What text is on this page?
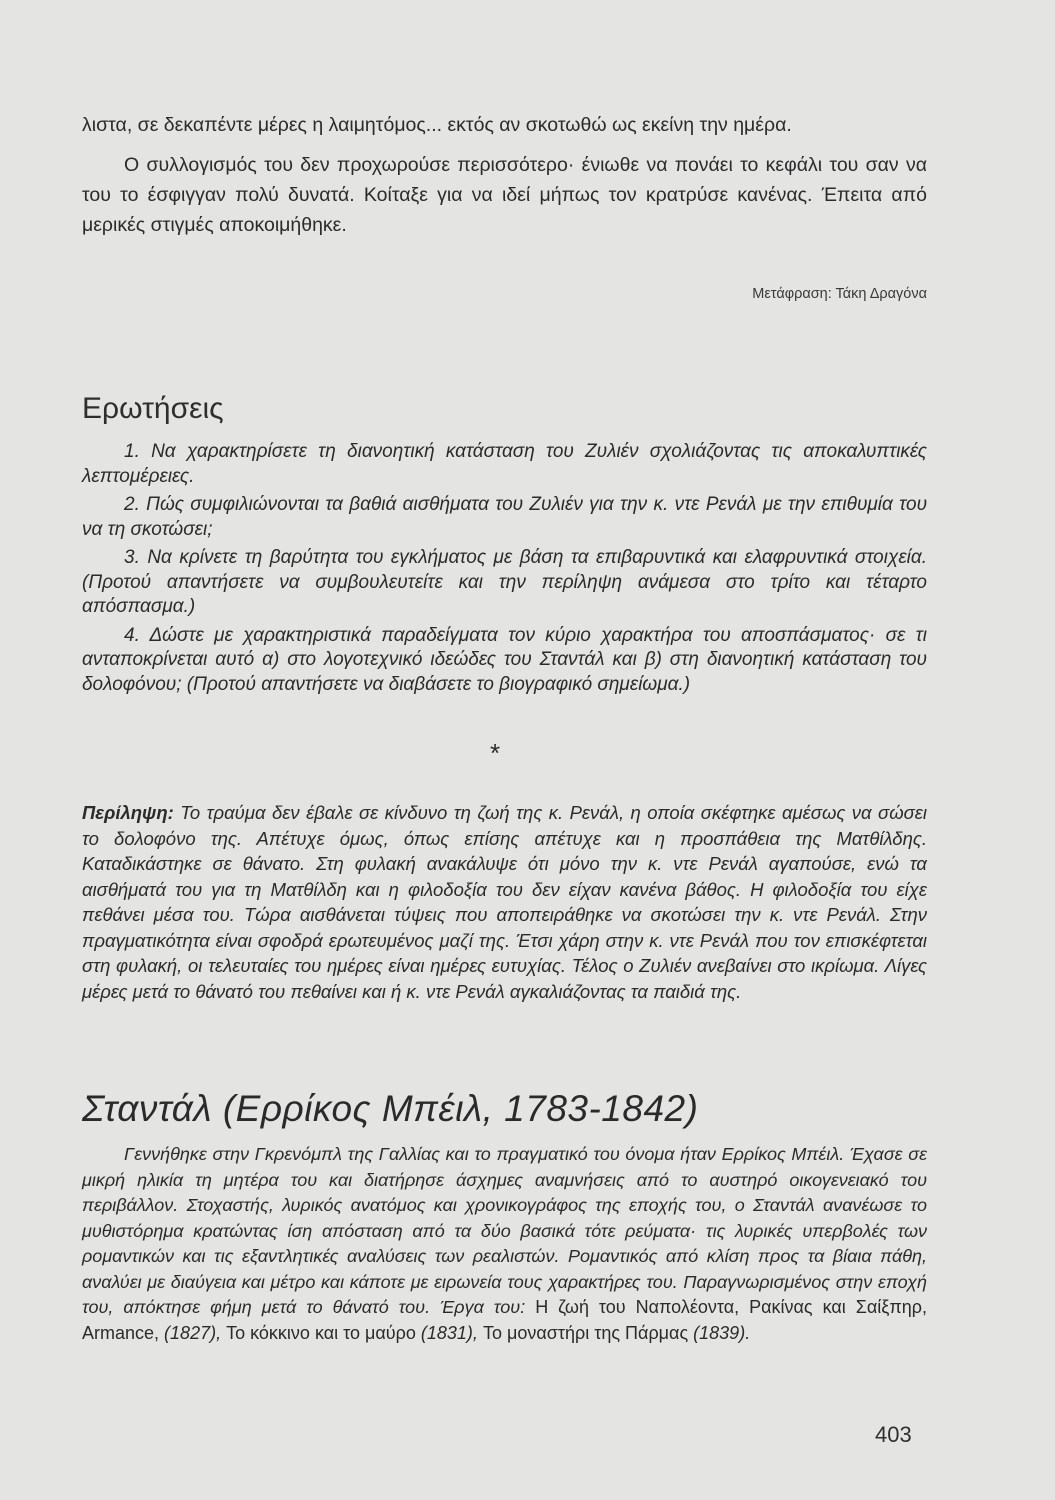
λιστα, σε δεκαπέντε μέρες η λαιμητόμος... εκτός αν σκοτωθώ ως εκείνη την ημέρα.

Ο συλλογισμός του δεν προχωρούσε περισσότερο· ένιωθε να πονάει το κεφάλι του σαν να του το έσφιγγαν πολύ δυνατά. Κοίταξε για να ιδεί μήπως τον κρατρύσε κανένας. Έπειτα από μερικές στιγμές αποκοιμήθηκε.

Μετάφραση: Τάκη Δραγόνα
Ερωτήσεις

1. Να χαρακτηρίσετε τη διανοητική κατάσταση του Ζυλιέν σχολιάζοντας τις αποκαλυπτικές λεπτομέρειες.

2. Πώς συμφιλιώνονται τα βαθιά αισθήματα του Ζυλιέν για την κ. ντε Ρενάλ με την επιθυμία του να τη σκοτώσει;

3. Να κρίνετε τη βαρύτητα του εγκλήματος με βάση τα επιβαρυντικά και ελαφρυντικά στοιχεία. (Προτού απαντήσετε να συμβουλευτείτε και την περίληψη ανάμεσα στο τρίτο και τέταρτο απόσπασμα.)

4. Δώστε με χαρακτηριστικά παραδείγματα τον κύριο χαρακτήρα του αποσπάσματος· σε τι ανταποκρίνεται αυτό α) στο λογοτεχνικό ιδεώδες του Σταντάλ και β) στη διανοητική κατάσταση του δολοφόνου; (Προτού απαντήσετε να διαβάσετε το βιογραφικό σημείωμα.)

*

Περίληψη: Το τραύμα δεν έβαλε σε κίνδυνο τη ζωή της κ. Ρενάλ, η οποία σκέφτηκε αμέσως να σώσει το δολοφόνο της. Απέτυχε όμως, όπως επίσης απέτυχε και η προσπάθεια της Ματθίλδης. Καταδικάστηκε σε θάνατο. Στη φυλακή ανακάλυψε ότι μόνο την κ. ντε Ρενάλ αγαπούσε, ενώ τα αισθήματά του για τη Ματθίλδη και η φιλοδοξία του δεν είχαν κανένα βάθος. Η φιλοδοξία του είχε πεθάνει μέσα του. Τώρα αισθάνεται τύψεις που αποπειράθηκε να σκοτώσει την κ. ντε Ρενάλ. Στην πραγματικότητα είναι σφοδρά ερωτευμένος μαζί της. Έτσι χάρη στην κ. ντε Ρενάλ που τον επισκέφτεται στη φυλακή, οι τελευταίες του ημέρες είναι ημέρες ευτυχίας. Τέλος ο Ζυλιέν ανεβαίνει στο ικρίωμα. Λίγες μέρες μετά το θάνατό του πεθαίνει και ή κ. ντε Ρενάλ αγκαλιάζοντας τα παιδιά της.

Σταντάλ (Ερρίκος Μπέιλ, 1783-1842)

Γεννήθηκε στην Γκρενόμπλ της Γαλλίας και το πραγματικό του όνομα ήταν Ερρίκος Μπέιλ. Έχασε σε μικρή ηλικία τη μητέρα του και διατήρησε άσχημες αναμνήσεις από το αυστηρό οικογενειακό του περιβάλλον. Στοχαστής, λυρικός ανατόμος και χρονικογράφος της εποχής του, ο Σταντάλ ανανέωσε το μυθιστόρημα κρατώντας ίση απόσταση από τα δύο βασικά τότε ρεύματα· τις λυρικές υπερβολές των ρομαντικών και τις εξαντλητικές αναλύσεις των ρεαλιστών. Ρομαντικός από κλίση προς τα βίαια πάθη, αναλύει με διαύγεια και μέτρο και κάποτε με ειρωνεία τους χαρακτήρες του. Παραγνωρισμένος στην εποχή του, απόκτησε φήμη μετά το θάνατό του. Έργα του: Η ζωή του Ναπολέοντα, Ρακίνας και Σαίξπηρ, Armance, (1827), Το κόκκινο και το μαύρο (1831), Το μοναστήρι της Πάρμας (1839).

403
